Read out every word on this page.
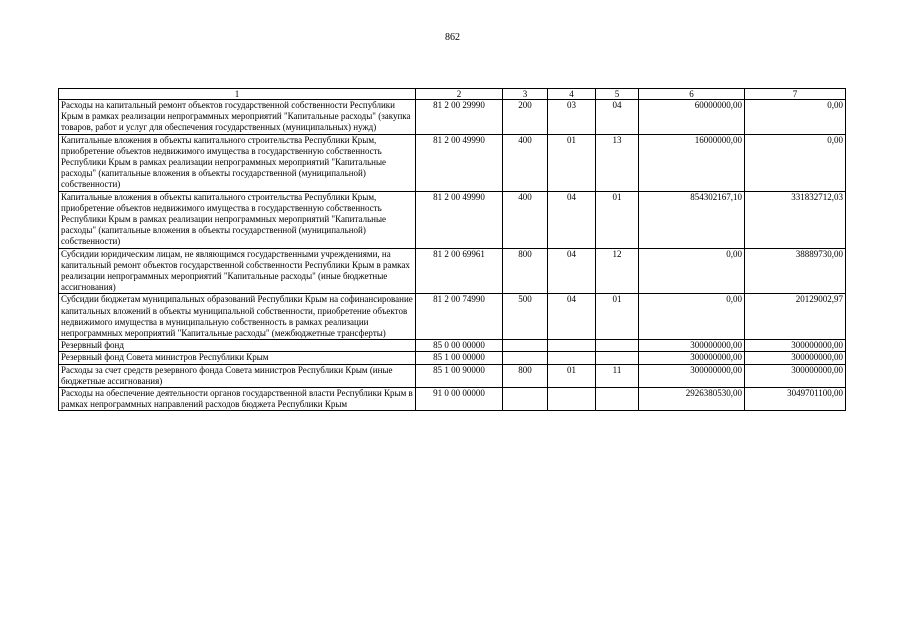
862
1	2	3	4	5	6	7
Расходы на капитальный ремонт объектов государственной собственности Республики Крым в рамках реализации непрограммных мероприятий "Капитальные расходы" (закупка товаров, работ и услуг для обеспечения государственных (муниципальных) нужд)	81 2 00 29990	200	03	04	60000000,00	0,00
Капитальные вложения в объекты капитального строительства Республики Крым, приобретение объектов недвижимого имущества в государственную собственность Республики Крым в рамках реализации непрограммных мероприятий "Капитальные расходы" (капитальные вложения в объекты государственной (муниципальной) собственности)	81 2 00 49990	400	01	13	16000000,00	0,00
Капитальные вложения в объекты капитального строительства Республики Крым, приобретение объектов недвижимого имущества в государственную собственность Республики Крым в рамках реализации непрограммных мероприятий "Капитальные расходы" (капитальные вложения в объекты государственной (муниципальной) собственности)	81 2 00 49990	400	04	01	854302167,10	331832712,03
Субсидии юридическим лицам, не являющимся государственными учреждениями, на капитальный ремонт объектов государственной собственности Республики Крым в рамках реализации непрограммных мероприятий "Капитальные расходы" (иные бюджетные ассигнования)	81 2 00 69961	800	04	12	0,00	38889730,00
Субсидии бюджетам муниципальных образований Республики Крым на софинансирование капитальных вложений в объекты муниципальной собственности, приобретение объектов недвижимого имущества в муниципальную собственность в рамках реализации непрограммных мероприятий "Капитальные расходы" (межбюджетные трансферты)	81 2 00 74990	500	04	01	0,00	20129002,97
Резервный фонд	85 0 00 00000				300000000,00	300000000,00
Резервный фонд Совета министров Республики Крым	85 1 00 00000				300000000,00	300000000,00
Расходы за счет средств резервного фонда Совета министров Республики Крым (иные бюджетные ассигнования)	85 1 00 90000	800	01	11	300000000,00	300000000,00
Расходы на обеспечение деятельности органов государственной власти Республики Крым в рамках непрограммных направлений расходов бюджета Республики Крым	91 0 00 00000				2926380530,00	3049701100,00
